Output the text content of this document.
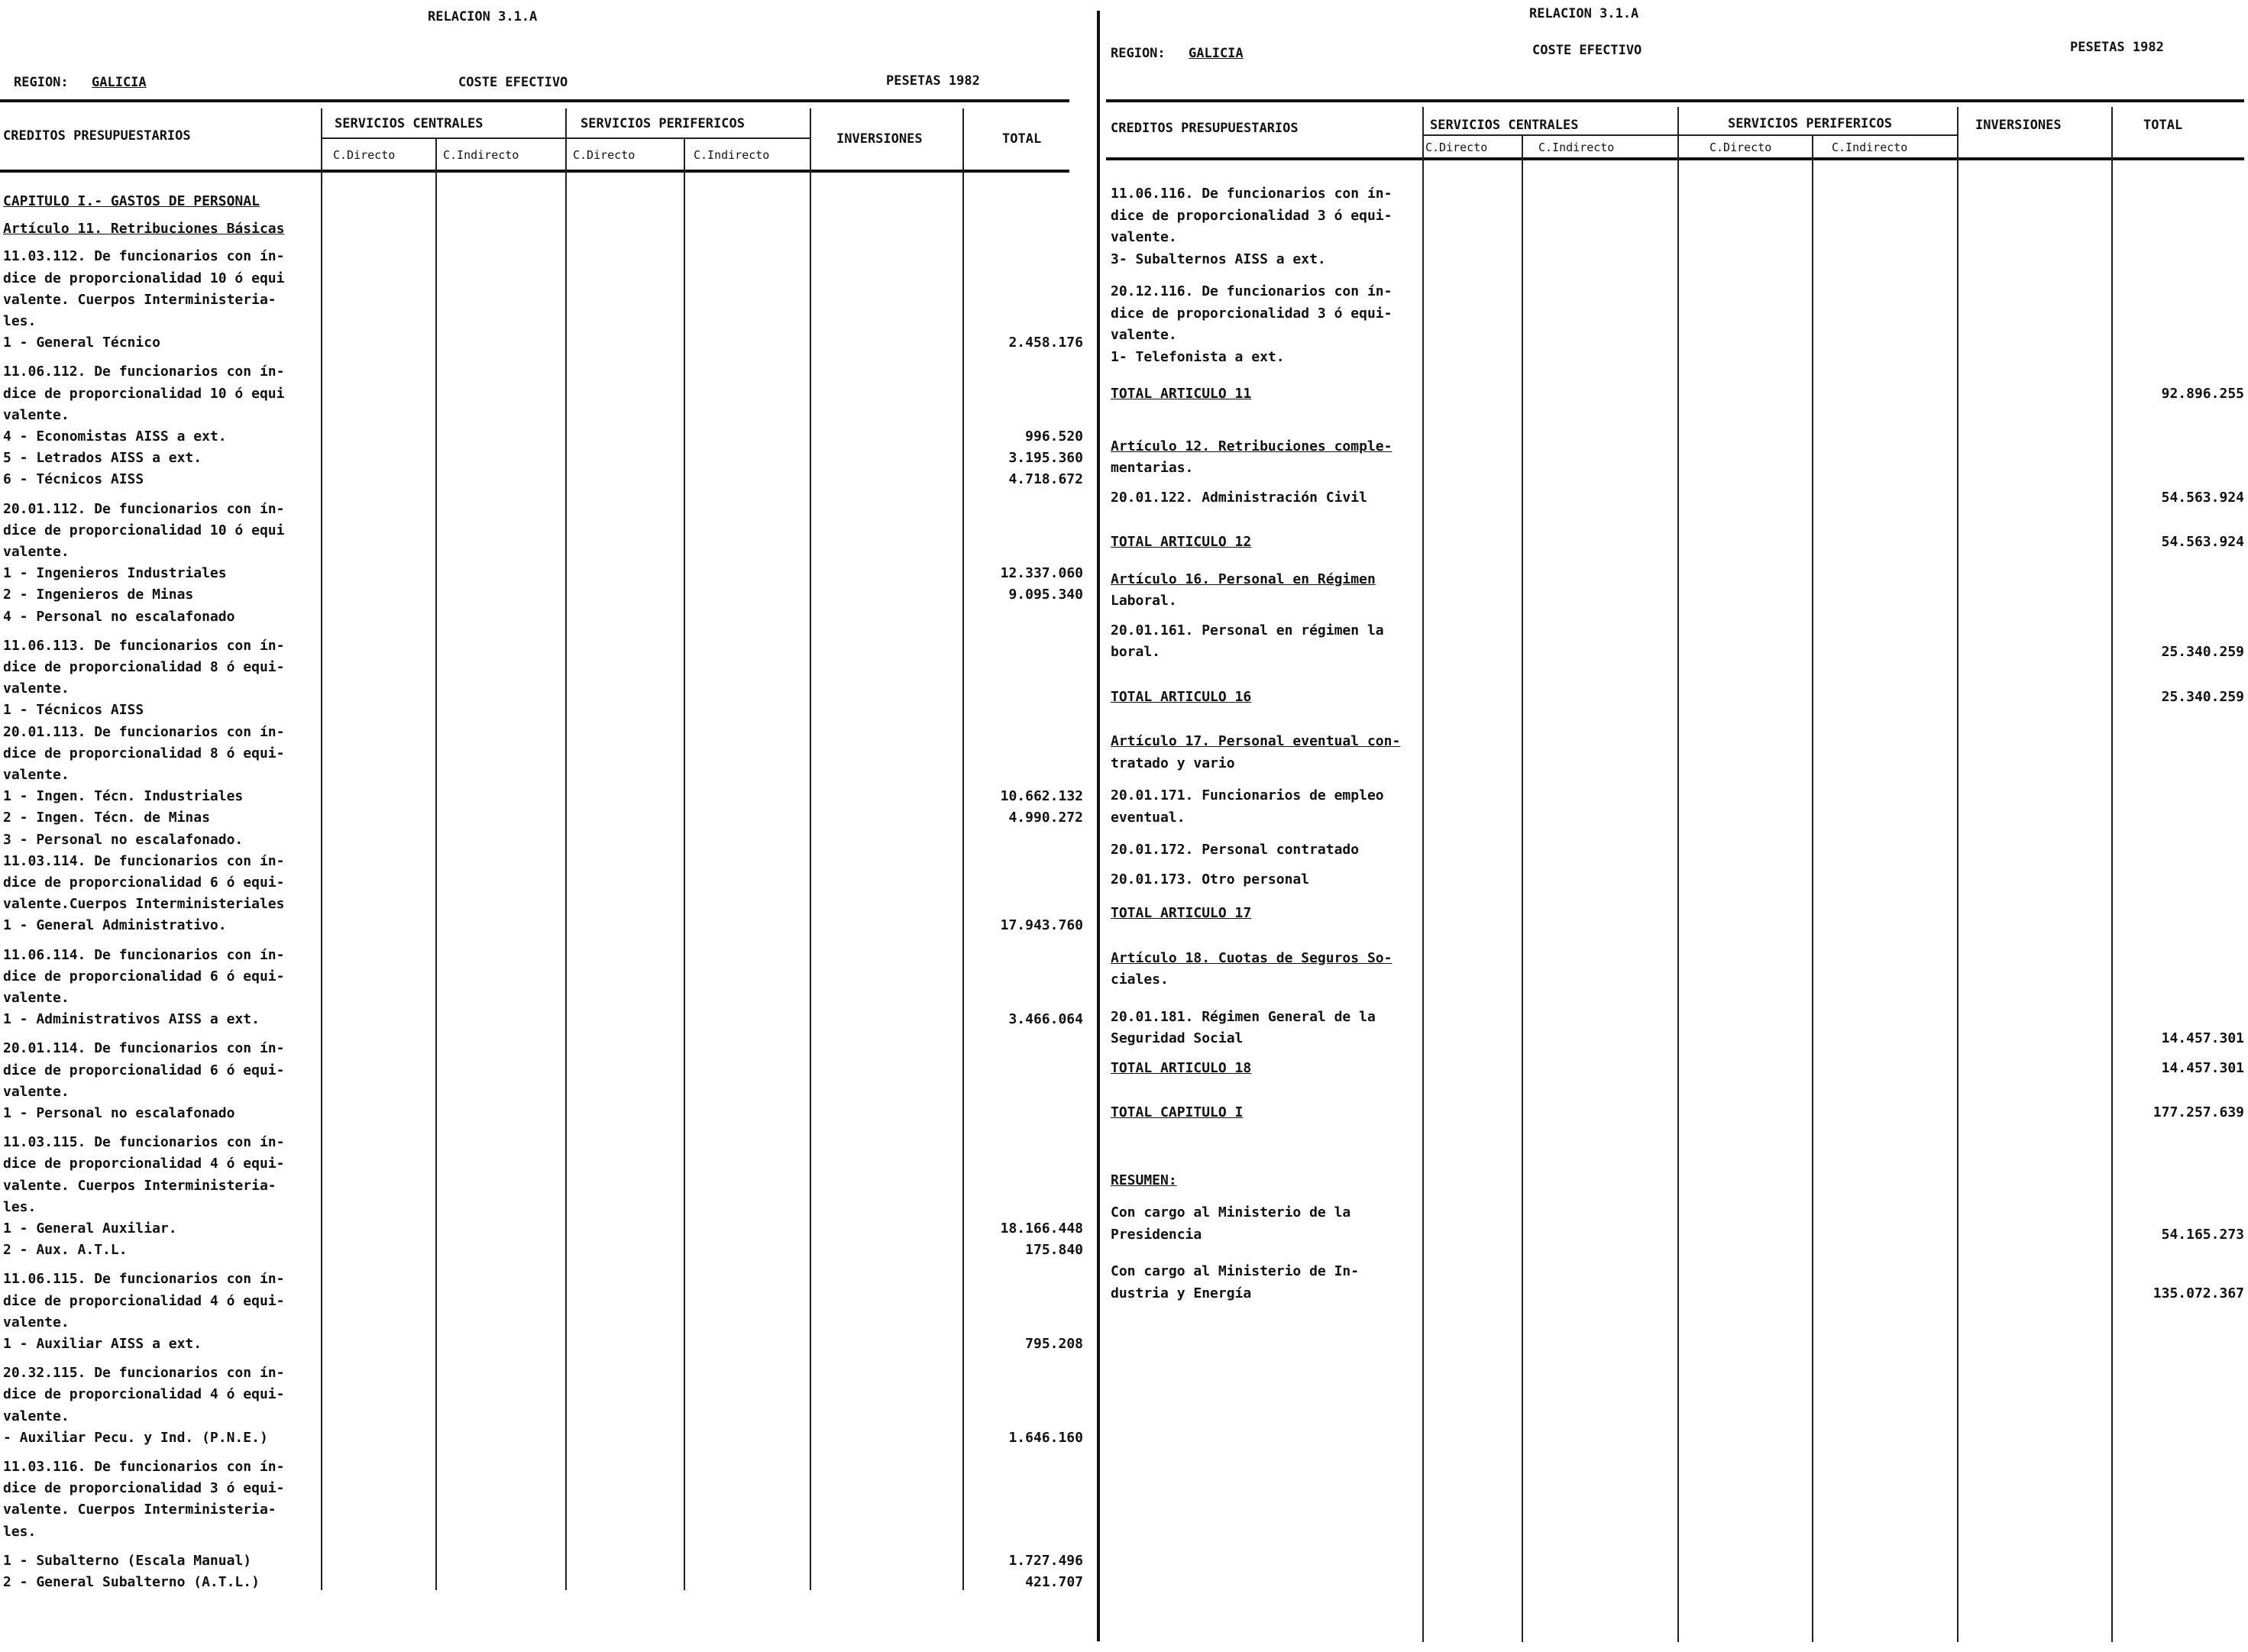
RELACION 3.1.A
REGION: GALICIA	COSTE EFECTIVO	PESETAS 1982
CREDITOS PRESUPUESTARIOS
SERVICIOS CENTRALES	SERVICIOS PERIFERICOS
C.Directo	C.Indirecto	C.Directo	C.Indirecto
INVERSIONES	TOTAL
CAPITULO I.- GASTOS DE PERSONAL
Artículo 11. Retribuciones Básicas
11.03.112. De funcionarios con ín-
dice de proporcionalidad 10 ó equi
valente. Cuerpos Interministeria-
les.
1 - General Técnico	2.458.176
11.06.112. De funcionarios con ín-
dice de proporcionalidad 10 ó equi
valente.
4 - Economistas AISS a ext.	996.520
5 - Letrados AISS a ext.	3.195.360
6 - Técnicos AISS	4.718.672
20.01.112. De funcionarios con ín-
dice de proporcionalidad 10 ó equi
valente.
1 - Ingenieros Industriales	12.337.060
2 - Ingenieros de Minas	9.095.340
4 - Personal no escalafonado
11.06.113. De funcionarios con ín-
dice de proporcionalidad 8 ó equi-
valente.
1 - Técnicos AISS
20.01.113. De funcionarios con ín-
dice de proporcionalidad 8 ó equi-
valente.
1 - Ingen. Técn. Industriales	10.662.132
2 - Ingen. Técn. de Minas	4.990.272
3 - Personal no escalafonado.
11.03.114. De funcionarios con ín-
dice de proporcionalidad 6 ó equi-
valente.Cuerpos Interministeriales
1 - General Administrativo.	17.943.760
11.06.114. De funcionarios con ín-
dice de proporcionalidad 6 ó equi-
valente.
1 - Administrativos AISS a ext.	3.466.064
20.01.114. De funcionarios con ín-
dice de proporcionalidad 6 ó equi-
valente.
1 - Personal no escalafonado
11.03.115. De funcionarios con ín-
dice de proporcionalidad 4 ó equi-
valente. Cuerpos Interministeria-
les.
1 - General Auxiliar.	18.166.448
2 - Aux. A.T.L.	175.840
11.06.115. De funcionarios con ín-
dice de proporcionalidad 4 ó equi-
valente.
1 - Auxiliar AISS a ext.	795.208
20.32.115. De funcionarios con ín-
dice de proporcionalidad 4 ó equi-
valente.
- Auxiliar Pecu. y Ind. (P.N.E.)	1.646.160
11.03.116. De funcionarios con ín-
dice de proporcionalidad 3 ó equi-
valente. Cuerpos Interministeria-
les.
1 - Subalterno (Escala Manual)	1.727.496
2 - General Subalterno (A.T.L.)	421.707
RELACION 3.1.A
REGION: GALICIA	COSTE EFECTIVO	PESETAS 1982
CREDITOS PRESUPUESTARIOS	SERVICIOS CENTRALES	SERVICIOS PERIFERICOS
C.Directo	C.Indirecto	C.Directo	C.Indirecto
INVERSIONES	TOTAL
11.06.116. De funcionarios con ín-
dice de proporcionalidad 3 ó equi-
valente.
3- Subalternos AISS a ext.
20.12.116. De funcionarios con ín-
dice de proporcionalidad 3 ó equi-
valente.
1- Telefonista a ext.
TOTAL ARTICULO 11	92.896.255
Artículo 12. Retribuciones comple-
mentarias.
20.01.122. Administración Civil	54.563.924
TOTAL ARTICULO 12	54.563.924
Artículo 16. Personal en Régimen
Laboral.
20.01.161. Personal en régimen la
boral.	25.340.259
TOTAL ARTICULO 16	25.340.259
Artículo 17. Personal eventual con-
tratado y vario
20.01.171. Funcionarios de empleo
eventual.
20.01.172. Personal contratado
20.01.173. Otro personal
TOTAL ARTICULO 17
Artículo 18. Cuotas de Seguros So-
ciales.
20.01.181. Régimen General de la
Seguridad Social	14.457.301
TOTAL ARTICULO 18	14.457.301
TOTAL CAPITULO I	177.257.639
RESUMEN:
Con cargo al Ministerio de la
Presidencia	54.165.273
Con cargo al Ministerio de In-
dustria y Energía	135.072.367
